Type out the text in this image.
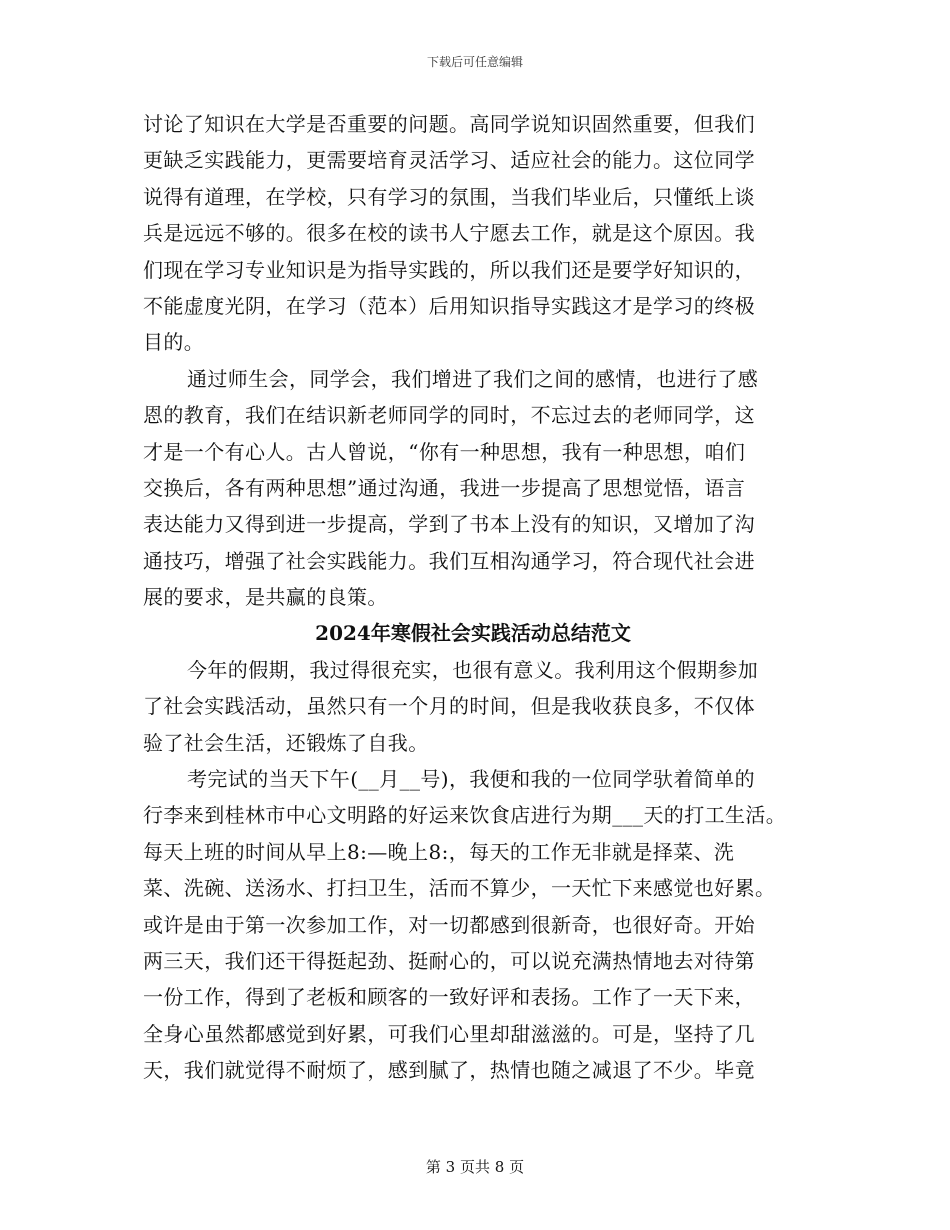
下载后可任意编辑
讨论了知识在大学是否重要的问题。高同学说知识固然重要，但我们
更缺乏实践能力，更需要培育灵活学习、适应社会的能力。这位同学
说得有道理，在学校，只有学习的氛围，当我们毕业后，只懂纸上谈
兵是远远不够的。很多在校的读书人宁愿去工作，就是这个原因。我
们现在学习专业知识是为指导实践的，所以我们还是要学好知识的，
不能虚度光阴，在学习（范本）后用知识指导实践这才是学习的终极
目的。
通过师生会，同学会，我们增进了我们之间的感情，也进行了感
恩的教育，我们在结识新老师同学的同时，不忘过去的老师同学，这
才是一个有心人。古人曾说，“你有一种思想，我有一种思想，咱们
交换后，各有两种思想”通过沟通，我进一步提高了思想觉悟，语言
表达能力又得到进一步提高，学到了书本上没有的知识，又增加了沟
通技巧，增强了社会实践能力。我们互相沟通学习，符合现代社会进
展的要求，是共赢的良策。
2024年寒假社会实践活动总结范文
今年的假期，我过得很充实，也很有意义。我利用这个假期参加
了社会实践活动，虽然只有一个月的时间，但是我收获良多，不仅体
验了社会生活，还锻炼了自我。
考完试的当天下午(__月__号)，我便和我的一位同学驮着简单的
行李来到桂林市中心文明路的好运来饮食店进行为期___天的打工生活。
每天上班的时间从早上8:—晚上8:，每天的工作无非就是择菜、洗
菜、洗碗、送汤水、打扫卫生，活而不算少，一天忙下来感觉也好累。
或许是由于第一次参加工作，对一切都感到很新奇，也很好奇。开始
两三天，我们还干得挺起劲、挺耐心的，可以说充满热情地去对待第
一份工作，得到了老板和顾客的一致好评和表扬。工作了一天下来，
全身心虽然都感觉到好累，可我们心里却甜滋滋的。可是，坚持了几
天，我们就觉得不耐烦了，感到腻了，热情也随之减退了不少。毕竟
第 3 页共 8 页
